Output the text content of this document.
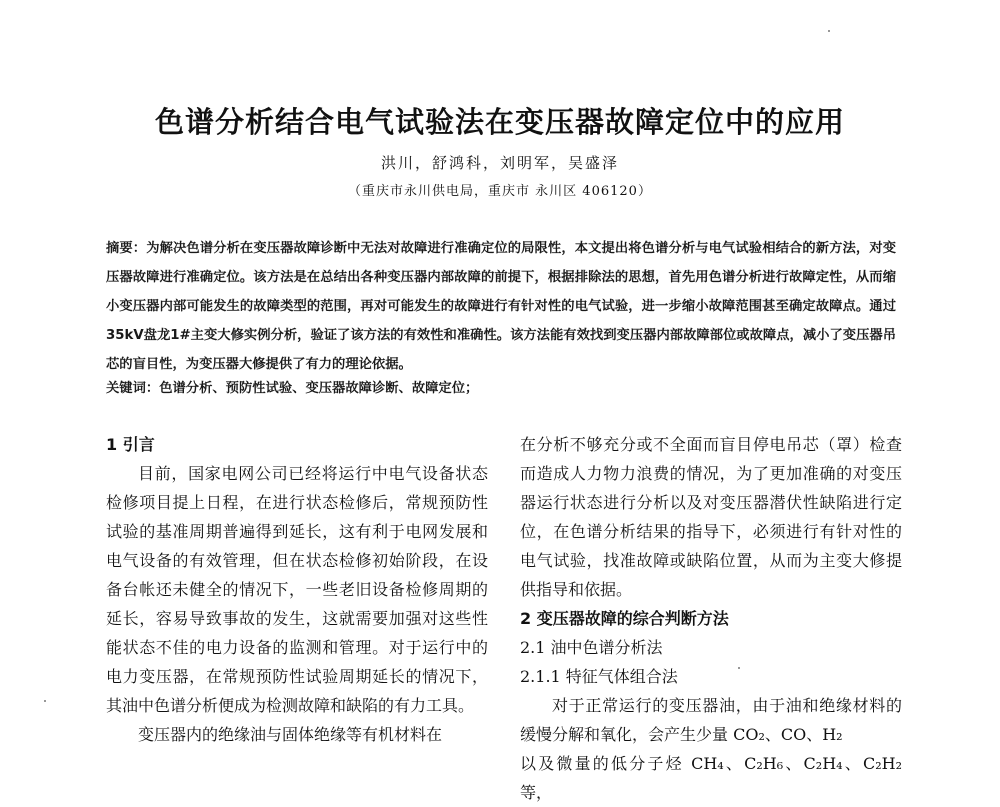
色谱分析结合电气试验法在变压器故障定位中的应用
洪川，舒鸿科，刘明军，吴盛泽
（重庆市永川供电局，重庆市 永川区 406120）
摘要：为解决色谱分析在变压器故障诊断中无法对故障进行准确定位的局限性，本文提出将色谱分析与电气试验相结合的新方法，对变压器故障进行准确定位。该方法是在总结出各种变压器内部故障的前提下，根据排除法的思想，首先用色谱分析进行故障定性，从而缩小变压器内部可能发生的故障类型的范围，再对可能发生的故障进行有针对性的电气试验，进一步缩小故障范围甚至确定故障点。通过35kV盘龙1#主变大修实例分析，验证了该方法的有效性和准确性。该方法能有效找到变压器内部故障部位或故障点，减小了变压器吊芯的盲目性，为变压器大修提供了有力的理论依据。
关键词：色谱分析、预防性试验、变压器故障诊断、故障定位；

1 引言

目前，国家电网公司已经将运行中电气设备状态检修项目提上日程，在进行状态检修后，常规预防性试验的基准周期普遍得到延长，这有利于电网发展和电气设备的有效管理，但在状态检修初始阶段，在设备台帐还未健全的情况下，一些老旧设备检修周期的延长，容易导致事故的发生，这就需要加强对这些性能状态不佳的电力设备的监测和管理。对于运行中的电力变压器，在常规预防性试验周期延长的情况下，其油中色谱分析便成为检测故障和缺陷的有力工具。

变压器内的绝缘油与固体绝缘等有机材料在

在分析不够充分或不全面而盲目停电吊芯（罩）检查而造成人力物力浪费的情况，为了更加准确的对变压器运行状态进行分析以及对变压器潜伏性缺陷进行定位，在色谱分析结果的指导下，必须进行有针对性的电气试验，找准故障或缺陷位置，从而为主变大修提供指导和依据。

2 变压器故障的综合判断方法

2.1 油中色谱分析法

2.1.1 特征气体组合法

对于正常运行的变压器油，由于油和绝缘材料的缓慢分解和氧化，会产生少量 CO₂、CO、H₂

以及微量的低分子烃 CH₄、C₂H₆、C₂H₄、C₂H₂ 等，
